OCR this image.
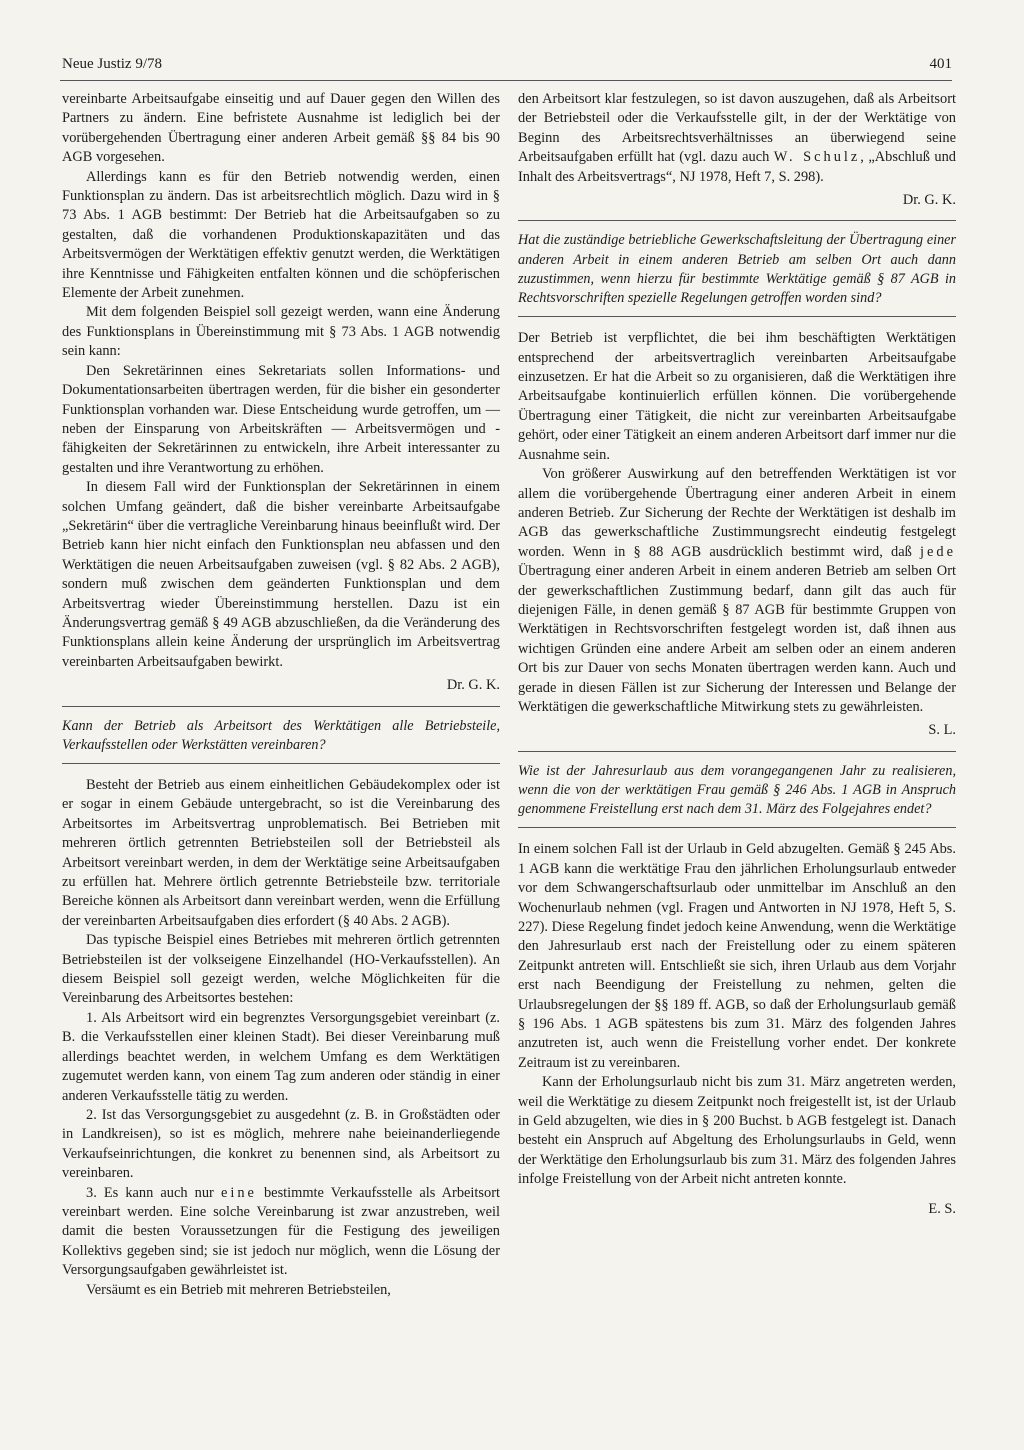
Neue Justiz 9/78	401

vereinbarte Arbeitsaufgabe einseitig und auf Dauer gegen den Willen des Partners zu ändern. Eine befristete Ausnahme ist lediglich bei der vorübergehenden Übertragung einer anderen Arbeit gemäß §§ 84 bis 90 AGB vorgesehen.

Allerdings kann es für den Betrieb notwendig werden, einen Funktionsplan zu ändern. Das ist arbeitsrechtlich möglich. Dazu wird in § 73 Abs. 1 AGB bestimmt: Der Betrieb hat die Arbeitsaufgaben so zu gestalten, daß die vorhandenen Produktionskapazitäten und das Arbeitsvermögen der Werktätigen effektiv genutzt werden, die Werktätigen ihre Kenntnisse und Fähigkeiten entfalten können und die schöpferischen Elemente der Arbeit zunehmen.

Mit dem folgenden Beispiel soll gezeigt werden, wann eine Änderung des Funktionsplans in Übereinstimmung mit § 73 Abs. 1 AGB notwendig sein kann:

Den Sekretärinnen eines Sekretariats sollen Informations- und Dokumentationsarbeiten übertragen werden, für die bisher ein gesonderter Funktionsplan vorhanden war. Diese Entscheidung wurde getroffen, um — neben der Einsparung von Arbeitskräften — Arbeitsvermögen und -fähigkeiten der Sekretärinnen zu entwickeln, ihre Arbeit interessanter zu gestalten und ihre Verantwortung zu erhöhen.

In diesem Fall wird der Funktionsplan der Sekretärinnen in einem solchen Umfang geändert, daß die bisher vereinbarte Arbeitsaufgabe „Sekretärin“ über die vertragliche Vereinbarung hinaus beeinflußt wird. Der Betrieb kann hier nicht einfach den Funktionsplan neu abfassen und den Werktätigen die neuen Arbeitsaufgaben zuweisen (vgl. § 82 Abs. 2 AGB), sondern muß zwischen dem geänderten Funktionsplan und dem Arbeitsvertrag wieder Übereinstimmung herstellen. Dazu ist ein Änderungsvertrag gemäß § 49 AGB abzuschließen, da die Veränderung des Funktionsplans allein keine Änderung der ursprünglich im Arbeitsvertrag vereinbarten Arbeitsaufgaben bewirkt.

Dr. G. K.

Kann der Betrieb als Arbeitsort des Werktätigen alle Betriebsteile, Verkaufsstellen oder Werkstätten vereinbaren?

Besteht der Betrieb aus einem einheitlichen Gebäudekomplex oder ist er sogar in einem Gebäude untergebracht, so ist die Vereinbarung des Arbeitsortes im Arbeitsvertrag unproblematisch. Bei Betrieben mit mehreren örtlich getrennten Betriebsteilen soll der Betriebsteil als Arbeitsort vereinbart werden, in dem der Werktätige seine Arbeitsaufgaben zu erfüllen hat. Mehrere örtlich getrennte Betriebsteile bzw. territoriale Bereiche können als Arbeitsort dann vereinbart werden, wenn die Erfüllung der vereinbarten Arbeitsaufgaben dies erfordert (§ 40 Abs. 2 AGB).

Das typische Beispiel eines Betriebes mit mehreren örtlich getrennten Betriebsteilen ist der volkseigene Einzelhandel (HO-Verkaufsstellen). An diesem Beispiel soll gezeigt werden, welche Möglichkeiten für die Vereinbarung des Arbeitsortes bestehen:

1. Als Arbeitsort wird ein begrenztes Versorgungsgebiet vereinbart (z. B. die Verkaufsstellen einer kleinen Stadt). Bei dieser Vereinbarung muß allerdings beachtet werden, in welchem Umfang es dem Werktätigen zugemutet werden kann, von einem Tag zum anderen oder ständig in einer anderen Verkaufsstelle tätig zu werden.

2. Ist das Versorgungsgebiet zu ausgedehnt (z. B. in Großstädten oder in Landkreisen), so ist es möglich, mehrere nahe beieinanderliegende Verkaufseinrichtungen, die konkret zu benennen sind, als Arbeitsort zu vereinbaren.

3. Es kann auch nur eine bestimmte Verkaufsstelle als Arbeitsort vereinbart werden. Eine solche Vereinbarung ist zwar anzustreben, weil damit die besten Voraussetzungen für die Festigung des jeweiligen Kollektivs gegeben sind; sie ist jedoch nur möglich, wenn die Lösung der Versorgungsaufgaben gewährleistet ist.

Versäumt es ein Betrieb mit mehreren Betriebsteilen,

den Arbeitsort klar festzulegen, so ist davon auszugehen, daß als Arbeitsort der Betriebsteil oder die Verkaufsstelle gilt, in der der Werktätige von Beginn des Arbeitsrechtsverhältnisses an überwiegend seine Arbeitsaufgaben erfüllt hat (vgl. dazu auch W. Schulz, „Abschluß und Inhalt des Arbeitsvertrags“, NJ 1978, Heft 7, S. 298).

Dr. G. K.

Hat die zuständige betriebliche Gewerkschaftsleitung der Übertragung einer anderen Arbeit in einem anderen Betrieb am selben Ort auch dann zuzustimmen, wenn hierzu für bestimmte Werktätige gemäß § 87 AGB in Rechtsvorschriften spezielle Regelungen getroffen worden sind?

Der Betrieb ist verpflichtet, die bei ihm beschäftigten Werktätigen entsprechend der arbeitsvertraglich vereinbarten Arbeitsaufgabe einzusetzen. Er hat die Arbeit so zu organisieren, daß die Werktätigen ihre Arbeitsaufgabe kontinuierlich erfüllen können. Die vorübergehende Übertragung einer Tätigkeit, die nicht zur vereinbarten Arbeitsaufgabe gehört, oder einer Tätigkeit an einem anderen Arbeitsort darf immer nur die Ausnahme sein.

Von größerer Auswirkung auf den betreffenden Werktätigen ist vor allem die vorübergehende Übertragung einer anderen Arbeit in einem anderen Betrieb. Zur Sicherung der Rechte der Werktätigen ist deshalb im AGB das gewerkschaftliche Zustimmungsrecht eindeutig festgelegt worden. Wenn in § 88 AGB ausdrücklich bestimmt wird, daß jede Übertragung einer anderen Arbeit in einem anderen Betrieb am selben Ort der gewerkschaftlichen Zustimmung bedarf, dann gilt das auch für diejenigen Fälle, in denen gemäß § 87 AGB für bestimmte Gruppen von Werktätigen in Rechtsvorschriften festgelegt worden ist, daß ihnen aus wichtigen Gründen eine andere Arbeit am selben oder an einem anderen Ort bis zur Dauer von sechs Monaten übertragen werden kann. Auch und gerade in diesen Fällen ist zur Sicherung der Interessen und Belange der Werktätigen die gewerkschaftliche Mitwirkung stets zu gewährleisten.

S. L.

Wie ist der Jahresurlaub aus dem vorangegangenen Jahr zu realisieren, wenn die von der werktätigen Frau gemäß § 246 Abs. 1 AGB in Anspruch genommene Freistellung erst nach dem 31. März des Folgejahres endet?

In einem solchen Fall ist der Urlaub in Geld abzugelten. Gemäß § 245 Abs. 1 AGB kann die werktätige Frau den jährlichen Erholungsurlaub entweder vor dem Schwangerschaftsurlaub oder unmittelbar im Anschluß an den Wochenurlaub nehmen (vgl. Fragen und Antworten in NJ 1978, Heft 5, S. 227). Diese Regelung findet jedoch keine Anwendung, wenn die Werktätige den Jahresurlaub erst nach der Freistellung oder zu einem späteren Zeitpunkt antreten will. Entschließt sie sich, ihren Urlaub aus dem Vorjahr erst nach Beendigung der Freistellung zu nehmen, gelten die Urlaubsregelungen der §§ 189 ff. AGB, so daß der Erholungsurlaub gemäß § 196 Abs. 1 AGB spätestens bis zum 31. März des folgenden Jahres anzutreten ist, auch wenn die Freistellung vorher endet. Der konkrete Zeitraum ist zu vereinbaren.

Kann der Erholungsurlaub nicht bis zum 31. März angetreten werden, weil die Werktätige zu diesem Zeitpunkt noch freigestellt ist, ist der Urlaub in Geld abzugelten, wie dies in § 200 Buchst. b AGB festgelegt ist. Danach besteht ein Anspruch auf Abgeltung des Erholungsurlaubs in Geld, wenn der Werktätige den Erholungsurlaub bis zum 31. März des folgenden Jahres infolge Freistellung von der Arbeit nicht antreten konnte.

E. S.
